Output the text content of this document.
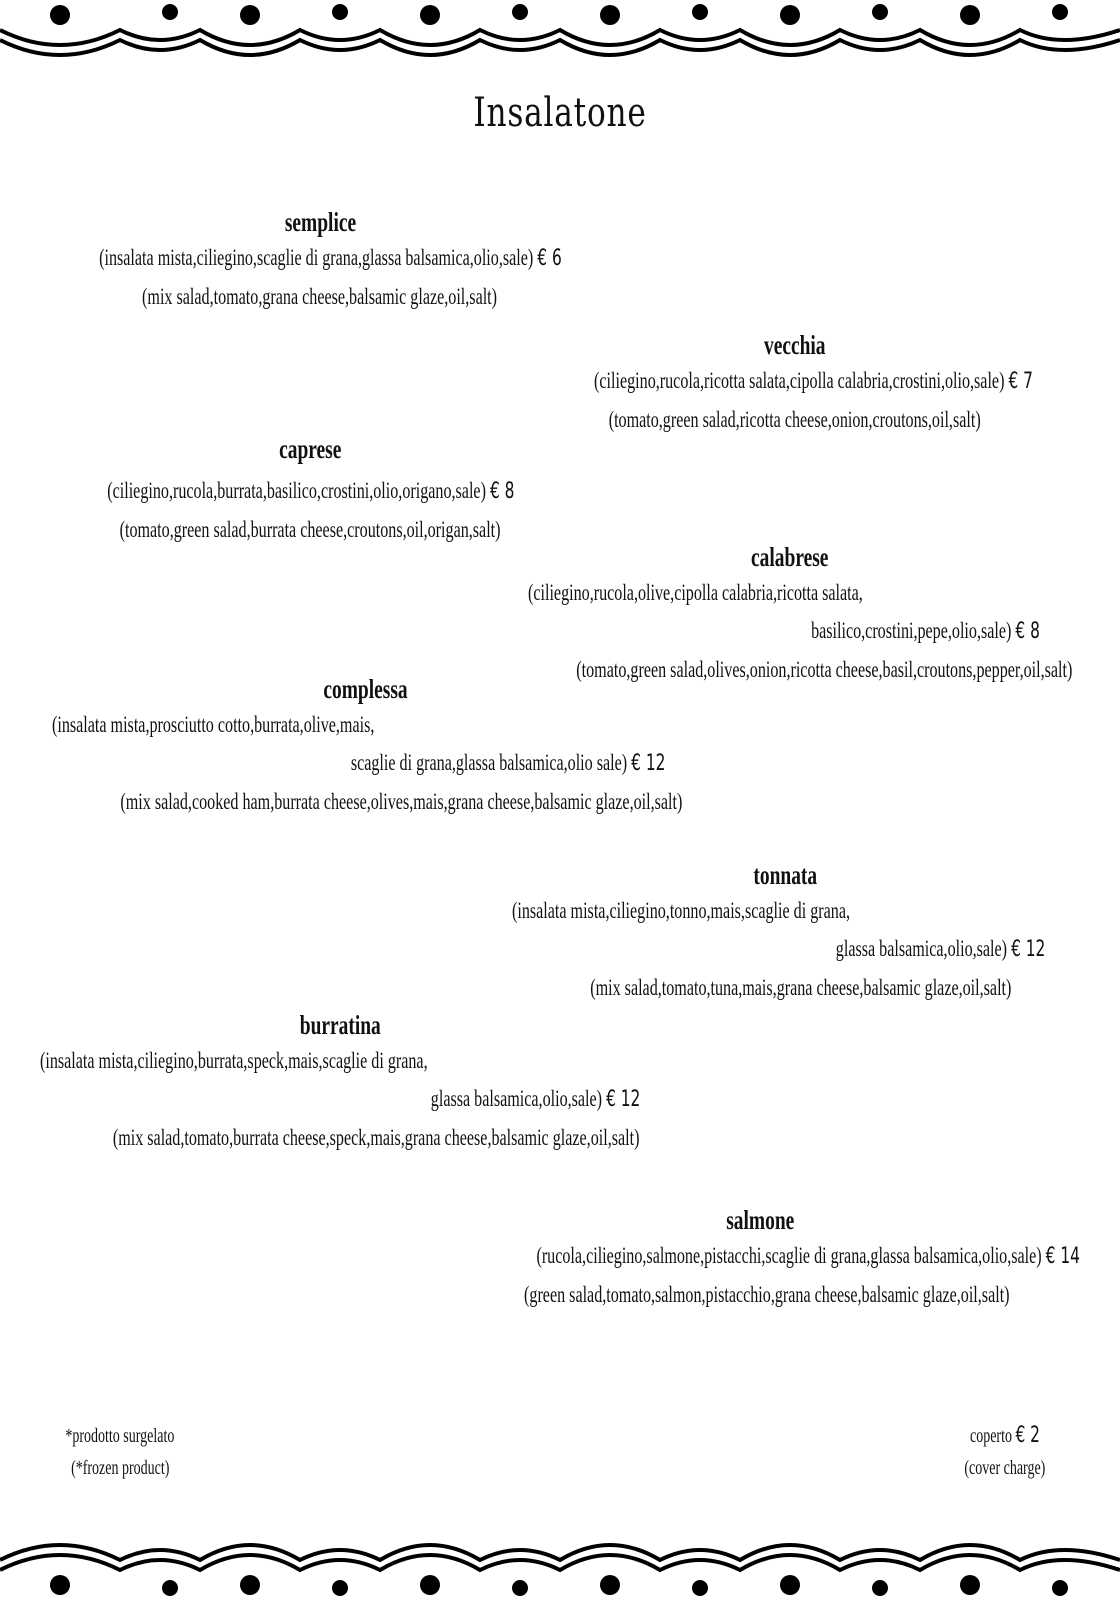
Insalatone
semplice
(insalata mista,ciliegino,scaglie di grana,glassa balsamica,olio,sale) € 6
(mix salad,tomato,grana cheese,balsamic glaze,oil,salt)
vecchia
(ciliegino,rucola,ricotta salata,cipolla calabria,crostini,olio,sale) € 7
(tomato,green salad,ricotta cheese,onion,croutons,oil,salt)
caprese
(ciliegino,rucola,burrata,basilico,crostini,olio,origano,sale) € 8
(tomato,green salad,burrata cheese,croutons,oil,origan,salt)
calabrese
(ciliegino,rucola,olive,cipolla calabria,ricotta salata,
basilico,crostini,pepe,olio,sale) € 8
(tomato,green salad,olives,onion,ricotta cheese,basil,croutons,pepper,oil,salt)
complessa
(insalata mista,prosciutto cotto,burrata,olive,mais,
scaglie di grana,glassa balsamica,olio sale) € 12
(mix salad,cooked ham,burrata cheese,olives,mais,grana cheese,balsamic glaze,oil,salt)
tonnata
(insalata mista,ciliegino,tonno,mais,scaglie di grana,
glassa balsamica,olio,sale) € 12
(mix salad,tomato,tuna,mais,grana cheese,balsamic glaze,oil,salt)
burratina
(insalata mista,ciliegino,burrata,speck,mais,scaglie di grana,
glassa balsamica,olio,sale) € 12
(mix salad,tomato,burrata cheese,speck,mais,grana cheese,balsamic glaze,oil,salt)
salmone
(rucola,ciliegino,salmone,pistacchi,scaglie di grana,glassa balsamica,olio,sale) € 14
(green salad,tomato,salmon,pistacchio,grana cheese,balsamic glaze,oil,salt)
*prodotto surgelato
(*frozen product)
coperto € 2
(cover charge)
